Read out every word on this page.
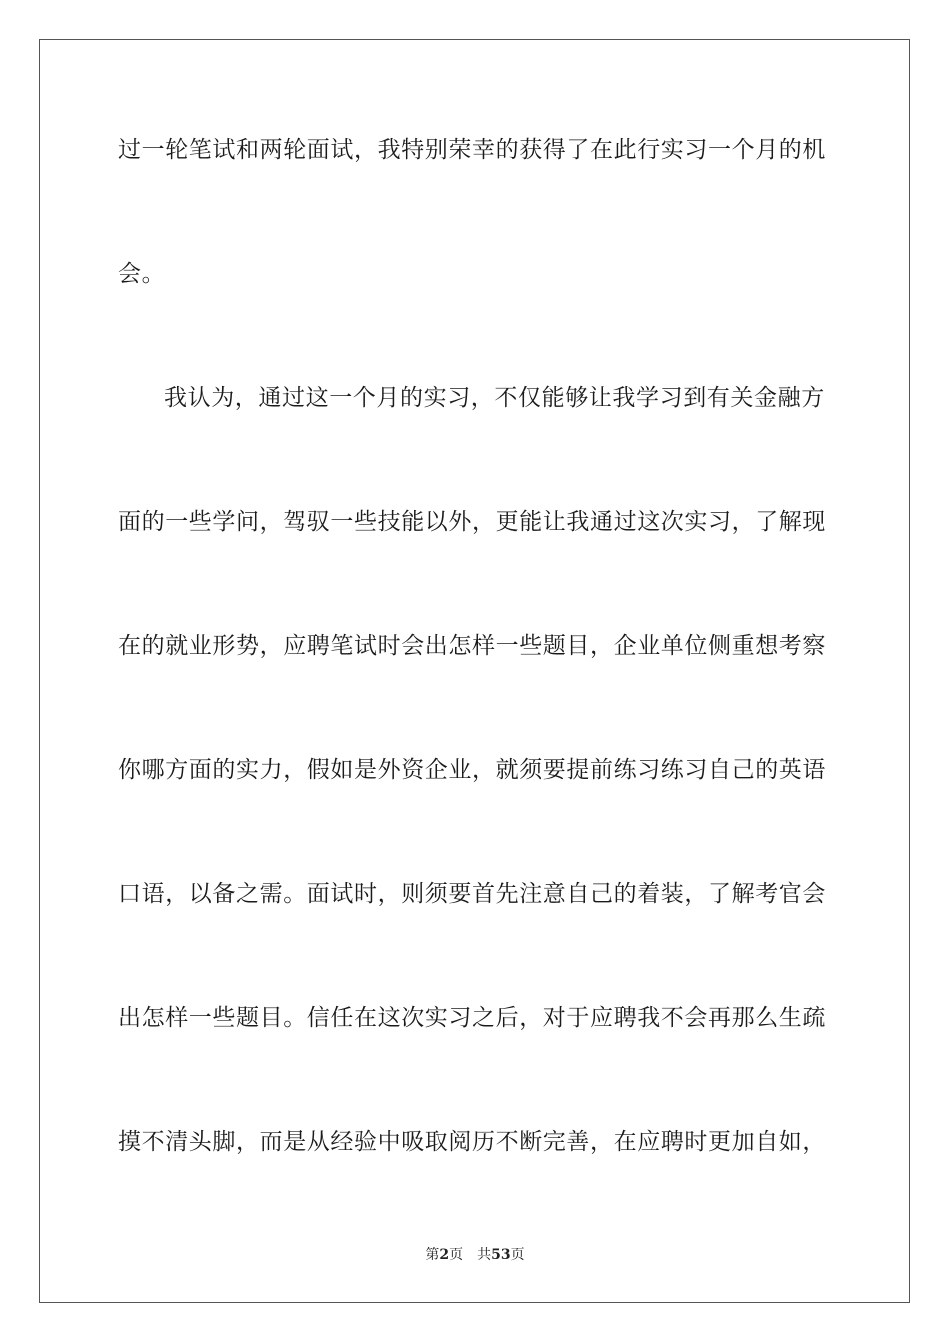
过一轮笔试和两轮面试，我特别荣幸的获得了在此行实习一个月的机
会。
我认为，通过这一个月的实习，不仅能够让我学习到有关金融方
面的一些学问，驾驭一些技能以外，更能让我通过这次实习，了解现
在的就业形势，应聘笔试时会出怎样一些题目，企业单位侧重想考察
你哪方面的实力，假如是外资企业，就须要提前练习练习自己的英语
口语，以备之需。面试时，则须要首先注意自己的着装，了解考官会
出怎样一些题目。信任在这次实习之后，对于应聘我不会再那么生疏
摸不清头脚，而是从经验中吸取阅历不断完善，在应聘时更加自如，
第2页 共53页
